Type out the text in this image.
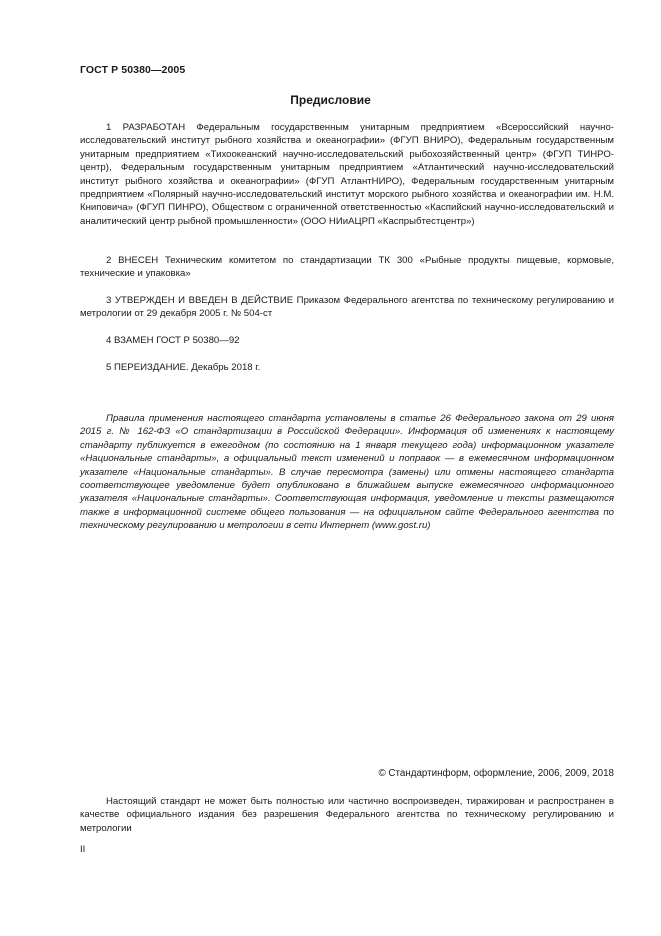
ГОСТ Р 50380—2005
Предисловие

1 РАЗРАБОТАН Федеральным государственным унитарным предприятием «Всероссийский научно-исследовательский институт рыбного хозяйства и океанографии» (ФГУП ВНИРО), Федеральным государственным унитарным предприятием «Тихоокеанский научно-исследовательский рыбохозяйственный центр» (ФГУП ТИНРО-центр), Федеральным государственным унитарным предприятием «Атлантический научно-исследовательский институт рыбного хозяйства и океанографии» (ФГУП АтлантНИРО), Федеральным государственным унитарным предприятием «Полярный научно-исследовательский институт морского рыбного хозяйства и океанографии им. Н.М. Книповича» (ФГУП ПИНРО), Обществом с ограниченной ответственностью «Каспийский научно-исследовательский и аналитический центр рыбной промышленности» (ООО НИиАЦРП «Каспрыбтестцентр»)

2 ВНЕСЕН Техническим комитетом по стандартизации ТК 300 «Рыбные продукты пищевые, кормовые, технические и упаковка»

3 УТВЕРЖДЕН И ВВЕДЕН В ДЕЙСТВИЕ Приказом Федерального агентства по техническому регулированию и метрологии от 29 декабря 2005 г. № 504-ст

4 ВЗАМЕН ГОСТ Р 50380—92

5 ПЕРЕИЗДАНИЕ. Декабрь 2018 г.

Правила применения настоящего стандарта установлены в статье 26 Федерального закона от 29 июня 2015 г. № 162-ФЗ «О стандартизации в Российской Федерации». Информация об изменениях к настоящему стандарту публикуется в ежегодном (по состоянию на 1 января текущего года) информационном указателе «Национальные стандарты», а официальный текст изменений и поправок — в ежемесячном информационном указателе «Национальные стандарты». В случае пересмотра (замены) или отмены настоящего стандарта соответствующее уведомление будет опубликовано в ближайшем выпуске ежемесячного информационного указателя «Национальные стандарты». Соответствующая информация, уведомление и тексты размещаются также в информационной системе общего пользования — на официальном сайте Федерального агентства по техническому регулированию и метрологии в сети Интернет (www.gost.ru)

© Стандартинформ, оформление, 2006, 2009, 2018

Настоящий стандарт не может быть полностью или частично воспроизведен, тиражирован и распространен в качестве официального издания без разрешения Федерального агентства по техническому регулированию и метрологии

II
